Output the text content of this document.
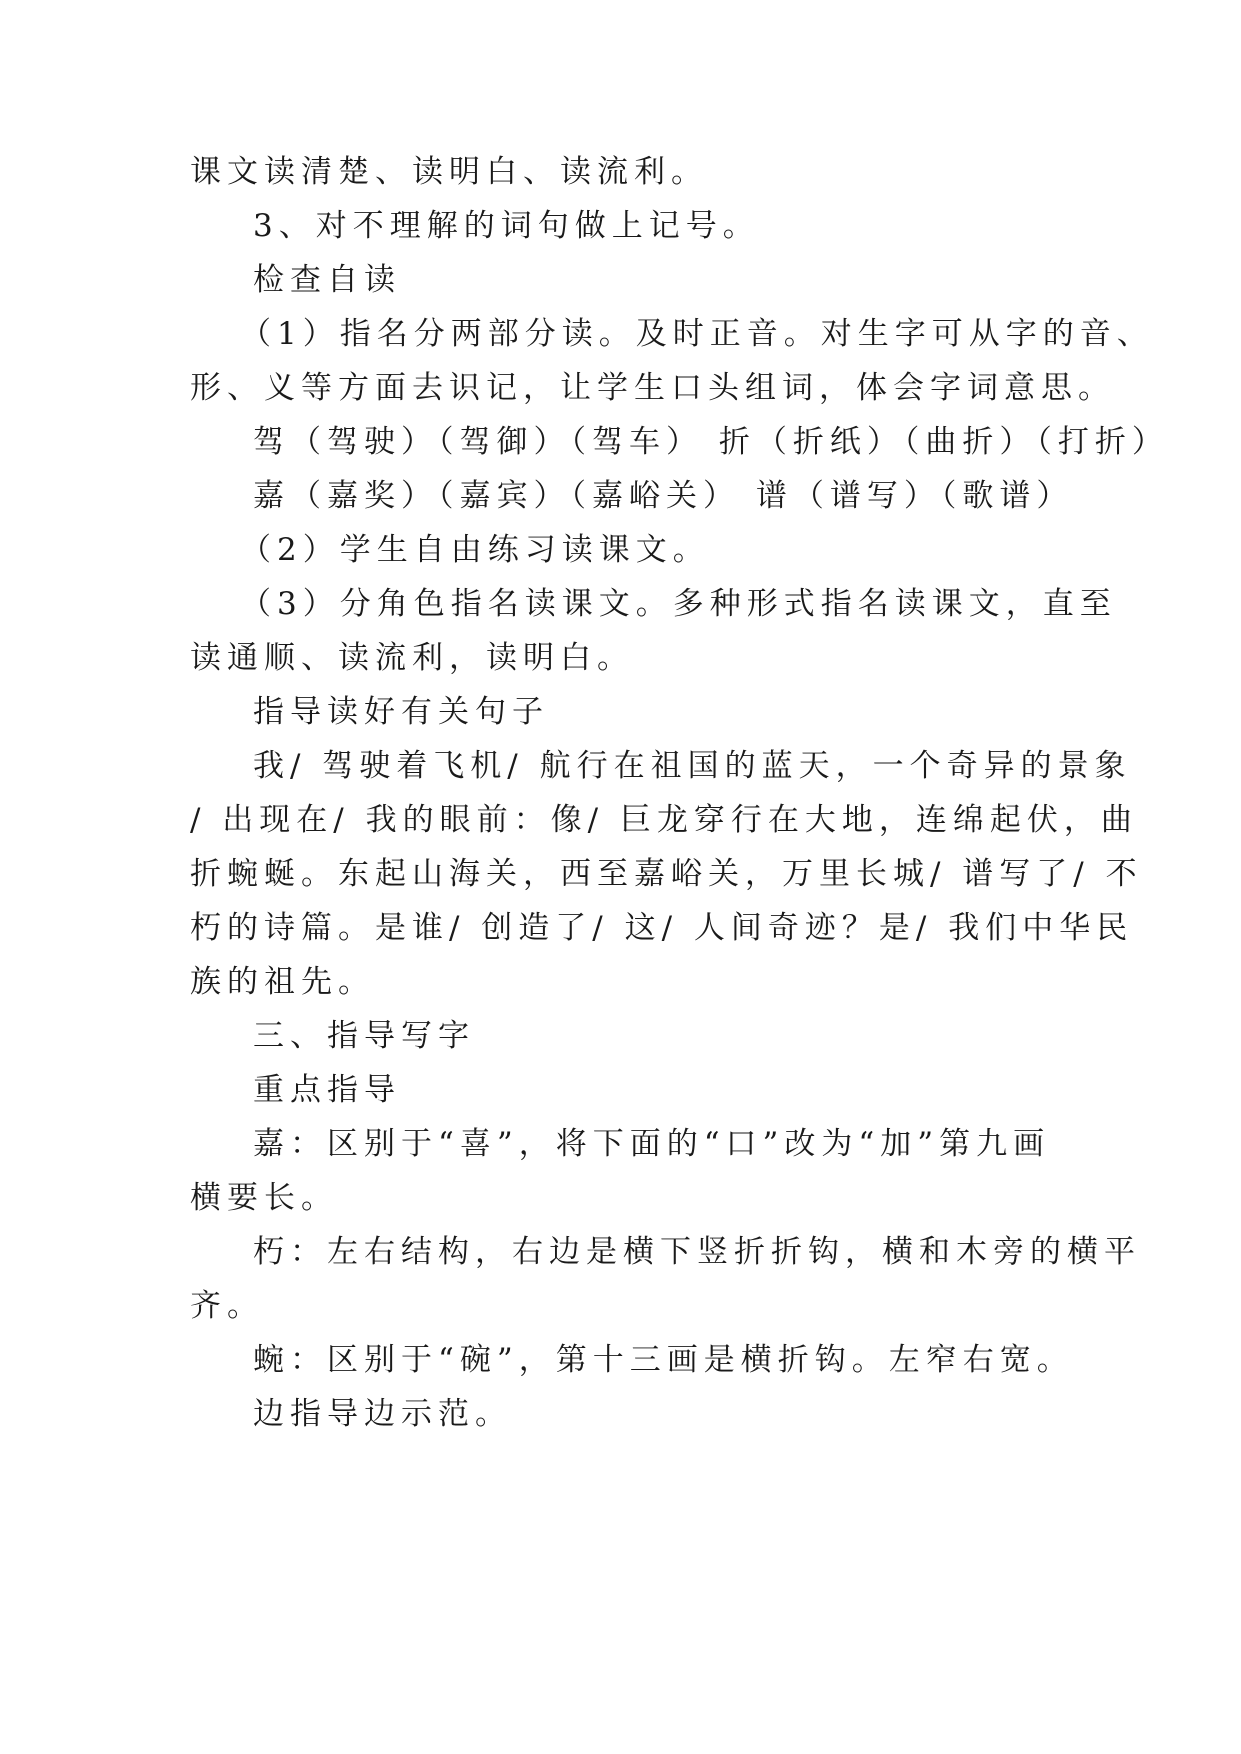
课文读清楚、读明白、读流利。
3、对不理解的词句做上记号。
检查自读
（1）指名分两部分读。及时正音。对生字可从字的音、
形、义等方面去识记，让学生口头组词，体会字词意思。
驾（驾驶）（驾御）（驾车） 折（折纸）（曲折）（打折）
嘉（嘉奖）（嘉宾）（嘉峪关） 谱（谱写）（歌谱）
（2）学生自由练习读课文。
（3）分角色指名读课文。多种形式指名读课文，直至
读通顺、读流利，读明白。
指导读好有关句子
我/ 驾驶着飞机/ 航行在祖国的蓝天，一个奇异的景象
/ 出现在/ 我的眼前：像/ 巨龙穿行在大地，连绵起伏，曲
折蜿蜒。东起山海关，西至嘉峪关，万里长城/ 谱写了/ 不
朽的诗篇。是谁/ 创造了/ 这/ 人间奇迹？是/ 我们中华民
族的祖先。
三、指导写字
重点指导
嘉：区别于“喜”，将下面的“口”改为“加”第九画
横要长。
朽：左右结构，右边是横下竖折折钩，横和木旁的横平
齐。
蜿：区别于“碗”，第十三画是横折钩。左窄右宽。
边指导边示范。
